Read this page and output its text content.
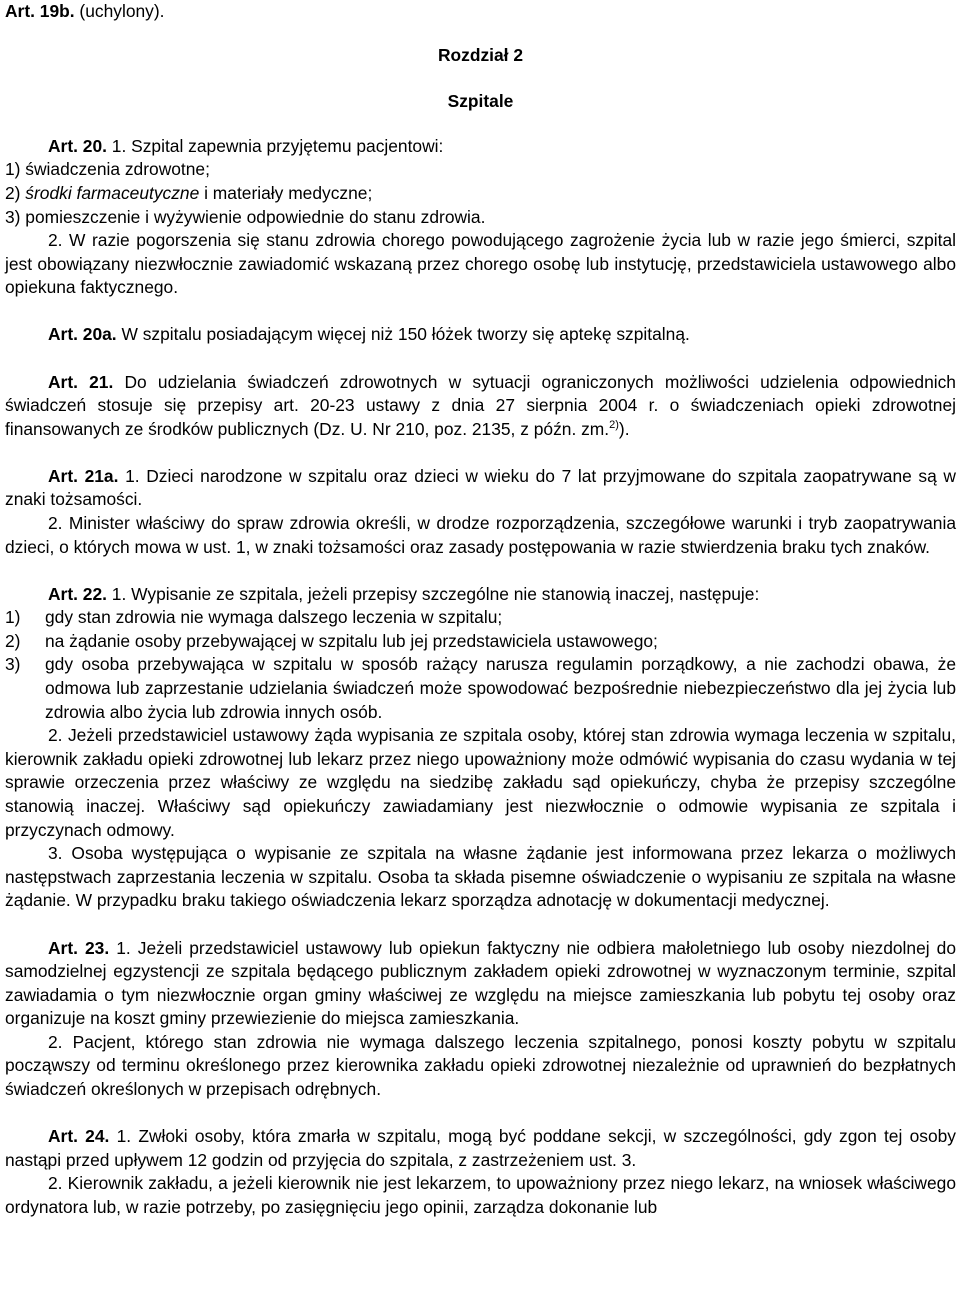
Art. 19b. (uchylony).

Rozdział 2

Szpitale

Art. 20. 1. Szpital zapewnia przyjętemu pacjentowi:

1) świadczenia zdrowotne;
2) środki farmaceutyczne i materiały medyczne;
3) pomieszczenie i wyżywienie odpowiednie do stanu zdrowia.

2. W razie pogorszenia się stanu zdrowia chorego powodującego zagrożenie życia lub w razie jego śmierci, szpital jest obowiązany niezwłocznie zawiadomić wskazaną przez chorego osobę lub instytucję, przedstawiciela ustawowego albo opiekuna faktycznego.

Art. 20a. W szpitalu posiadającym więcej niż 150 łóżek tworzy się aptekę szpitalną.

Art. 21. Do udzielania świadczeń zdrowotnych w sytuacji ograniczonych możliwości udzielenia odpowiednich świadczeń stosuje się przepisy art. 20-23 ustawy z dnia 27 sierpnia 2004 r. o świadczeniach opieki zdrowotnej finansowanych ze środków publicznych (Dz. U. Nr 210, poz. 2135, z późn. zm.$^{2)}$).

Art. 21a. 1. Dzieci narodzone w szpitalu oraz dzieci w wieku do 7 lat przyjmowane do szpitala zaopatrywane są w znaki tożsamości.

2. Minister właściwy do spraw zdrowia określi, w drodze rozporządzenia, szczegółowe warunki i tryb zaopatrywania dzieci, o których mowa w ust. 1, w znaki tożsamości oraz zasady postępowania w razie stwierdzenia braku tych znaków.

Art. 22. 1. Wypisanie ze szpitala, jeżeli przepisy szczególne nie stanowią inaczej, następuje:

1) gdy stan zdrowia nie wymaga dalszego leczenia w szpitalu;
2) na żądanie osoby przebywającej w szpitalu lub jej przedstawiciela ustawowego;
3) gdy osoba przebywająca w szpitalu w sposób rażący narusza regulamin porządkowy, a nie zachodzi obawa, że odmowa lub zaprzestanie udzielania świadczeń może spowodować bezpośrednie niebezpieczeństwo dla jej życia lub zdrowia albo życia lub zdrowia innych osób.

2. Jeżeli przedstawiciel ustawowy żąda wypisania ze szpitala osoby, której stan zdrowia wymaga leczenia w szpitalu, kierownik zakładu opieki zdrowotnej lub lekarz przez niego upoważniony może odmówić wypisania do czasu wydania w tej sprawie orzeczenia przez właściwy ze względu na siedzibę zakładu sąd opiekuńczy, chyba że przepisy szczególne stanowią inaczej. Właściwy sąd opiekuńczy zawiadamiany jest niezwłocznie o odmowie wypisania ze szpitala i przyczynach odmowy.

3. Osoba występująca o wypisanie ze szpitala na własne żądanie jest informowana przez lekarza o możliwych następstwach zaprzestania leczenia w szpitalu. Osoba ta składa pisemne oświadczenie o wypisaniu ze szpitala na własne żądanie. W przypadku braku takiego oświadczenia lekarz sporządza adnotację w dokumentacji medycznej.

Art. 23. 1. Jeżeli przedstawiciel ustawowy lub opiekun faktyczny nie odbiera małoletniego lub osoby niezdolnej do samodzielnej egzystencji ze szpitala będącego publicznym zakładem opieki zdrowotnej w wyznaczonym terminie, szpital zawiadamia o tym niezwłocznie organ gminy właściwej ze względu na miejsce zamieszkania lub pobytu tej osoby oraz organizuje na koszt gminy przewiezienie do miejsca zamieszkania.

2. Pacjent, którego stan zdrowia nie wymaga dalszego leczenia szpitalnego, ponosi koszty pobytu w szpitalu począwszy od terminu określonego przez kierownika zakładu opieki zdrowotnej niezależnie od uprawnień do bezpłatnych świadczeń określonych w przepisach odrębnych.

Art. 24. 1. Zwłoki osoby, która zmarła w szpitalu, mogą być poddane sekcji, w szczególności, gdy zgon tej osoby nastąpi przed upływem 12 godzin od przyjęcia do szpitala, z zastrzeżeniem ust. 3.

2. Kierownik zakładu, a jeżeli kierownik nie jest lekarzem, to upoważniony przez niego lekarz, na wniosek właściwego ordynatora lub, w razie potrzeby, po zasięgnięciu jego opinii, zarządza dokonanie lub
